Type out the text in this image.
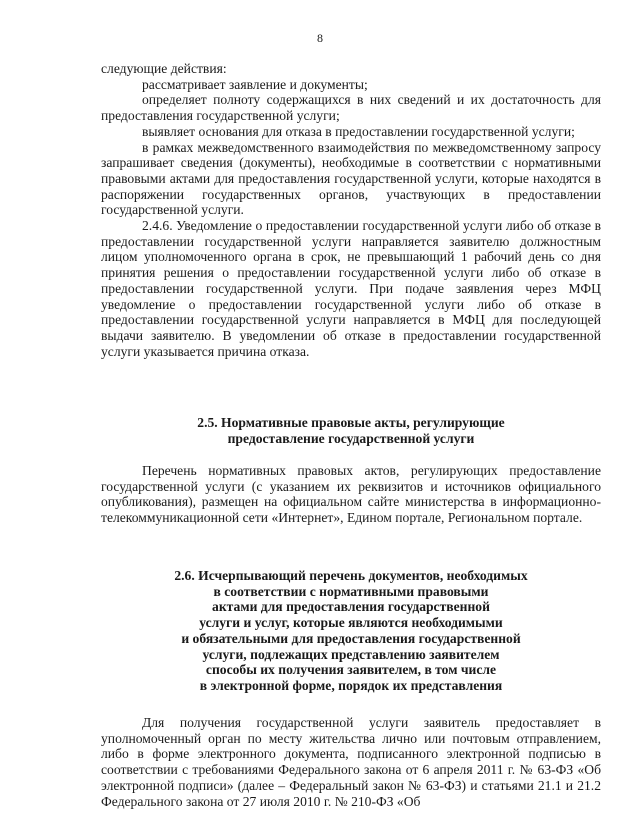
8

следующие действия:

рассматривает заявление и документы;

определяет полноту содержащихся в них сведений и их достаточность для предоставления государственной услуги;

выявляет основания для отказа в предоставлении государственной услуги;

в рамках межведомственного взаимодействия по межведомственному запросу запрашивает сведения (документы), необходимые в соответствии с нормативными правовыми актами для предоставления государственной услуги, которые находятся в распоряжении государственных органов, участвующих в предоставлении государственной услуги.

2.4.6. Уведомление о предоставлении государственной услуги либо об отказе в предоставлении государственной услуги направляется заявителю должностным лицом уполномоченного органа в срок, не превышающий 1 рабочий день со дня принятия решения о предоставлении государственной услуги либо об отказе в предоставлении государственной услуги. При подаче заявления через МФЦ уведомление о предоставлении государственной услуги либо об отказе в предоставлении государственной услуги направляется в МФЦ для последующей выдачи заявителю. В уведомлении об отказе в предоставлении государственной услуги указывается причина отказа.

2.5. Нормативные правовые акты, регулирующие
предоставление государственной услуги

Перечень нормативных правовых актов, регулирующих предоставление государственной услуги (с указанием их реквизитов и источников официального опубликования), размещен на официальном сайте министерства в информационно-телекоммуникационной сети «Интернет», Едином портале, Региональном портале.

2.6. Исчерпывающий перечень документов, необходимых
в соответствии с нормативными правовыми
актами для предоставления государственной
услуги и услуг, которые являются необходимыми
и обязательными для предоставления государственной
услуги, подлежащих представлению заявителем
способы их получения заявителем, в том числе
в электронной форме, порядок их представления

Для получения государственной услуги заявитель предоставляет в уполномоченный орган по месту жительства лично или почтовым отправлением, либо в форме электронного документа, подписанного электронной подписью в соответствии с требованиями Федерального закона от 6 апреля 2011 г. № 63-ФЗ «Об электронной подписи» (далее – Федеральный закон № 63-ФЗ) и статьями 21.1 и 21.2 Федерального закона от 27 июля 2010 г. № 210-ФЗ «Об
